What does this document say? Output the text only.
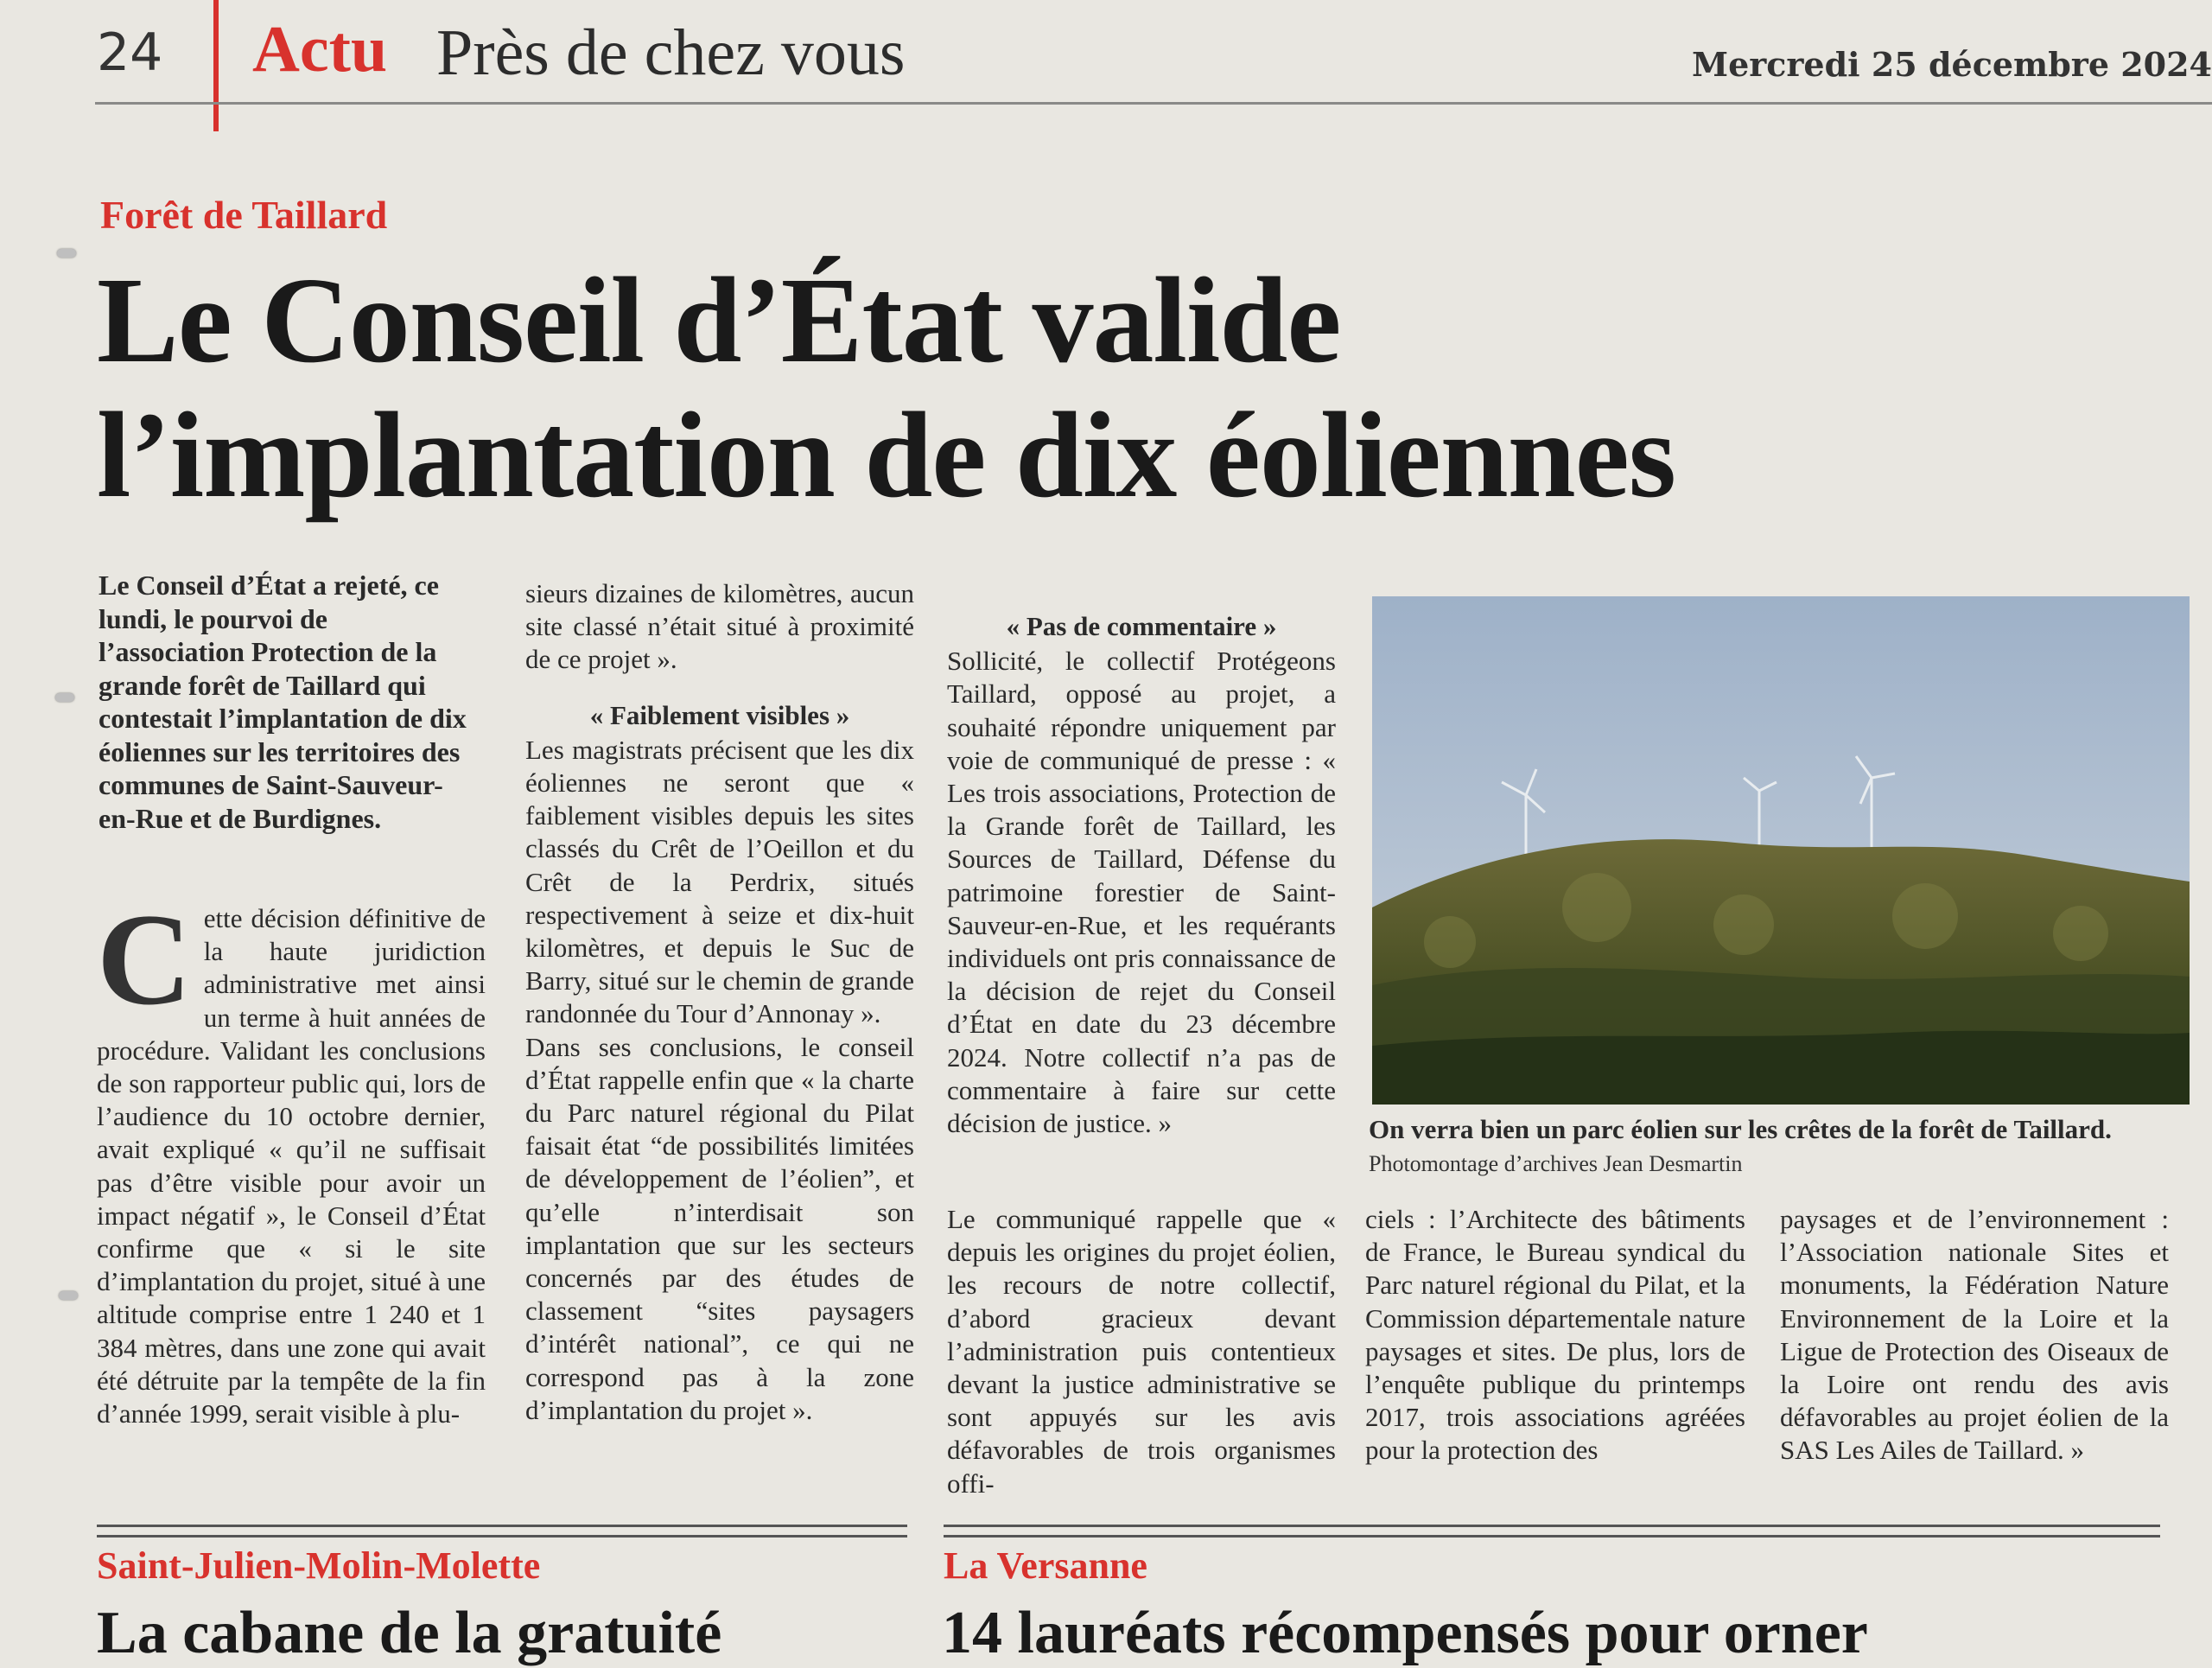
24 Actu Près de chez vous	Mercredi 25 décembre 2024
Forêt de Taillard
Le Conseil d’État valide
l’implantation de dix éoliennes

Le Conseil d’État a rejeté, ce lundi, le pourvoi de l’association Protection de la grande forêt de Taillard qui contestait l’implantation de dix éoliennes sur les territoires des communes de Saint-Sauveur-en-Rue et de Burdignes.

Cette décision définitive de la haute juridiction administrative met ainsi un terme à huit années de procédure. Validant les conclusions de son rapporteur public qui, lors de l’audience du 10 octobre dernier, avait expliqué « qu’il ne suffisait pas d’être visible pour avoir un impact négatif », le Conseil d’État confirme que « si le site d’implantation du projet, situé à une altitude comprise entre 1 240 et 1 384 mètres, dans une zone qui avait été détruite par la tempête de la fin d’année 1999, serait visible à plu-

sieurs dizaines de kilomètres, aucun site classé n’était situé à proximité de ce projet ».

« Faiblement visibles »

Les magistrats précisent que les dix éoliennes ne seront que « faiblement visibles depuis les sites classés du Crêt de l’Oeillon et du Crêt de la Perdrix, situés respectivement à seize et dix-huit kilomètres, et depuis le Suc de Barry, situé sur le chemin de grande randonnée du Tour d’Annonay ».

Dans ses conclusions, le conseil d’État rappelle enfin que « la charte du Parc naturel régional du Pilat faisait état “de possibilités limitées de développement de l’éolien”, et qu’elle n’interdisait son implantation que sur les secteurs concernés par des études de classement “sites paysagers d’intérêt national”, ce qui ne correspond pas à la zone d’implantation du projet ».

« Pas de commentaire »

Sollicité, le collectif Protégeons Taillard, opposé au projet, a souhaité répondre uniquement par voie de communiqué de presse : « Les trois associations, Protection de la Grande forêt de Taillard, les Sources de Taillard, Défense du patrimoine forestier de Saint-Sauveur-en-Rue, et les requérants individuels ont pris connaissance de la décision de rejet du Conseil d’État en date du 23 décembre 2024. Notre collectif n’a pas de commentaire à faire sur cette décision de justice. »

Le communiqué rappelle que « depuis les origines du projet éolien, les recours de notre collectif, d’abord gracieux devant l’administration puis contentieux devant la justice administrative se sont appuyés sur les avis défavorables de trois organismes offi-

ciels : l’Architecte des bâtiments de France, le Bureau syndical du Parc naturel régional du Pilat, et la Commission départementale nature paysages et sites. De plus, lors de l’enquête publique du printemps 2017, trois associations agréées pour la protection des

paysages et de l’environnement : l’Association nationale Sites et monuments, la Fédération Nature Environnement de la Loire et la Ligue de Protection des Oiseaux de la Loire ont rendu des avis défavorables au projet éolien de la SAS Les Ailes de Taillard. »

On verra bien un parc éolien sur les crêtes de la forêt de Taillard. Photomontage d’archives Jean Desmartin
Saint-Julien-Molin-Molette	La Versanne
La cabane de la gratuité	14 lauréats récompensés pour orner
